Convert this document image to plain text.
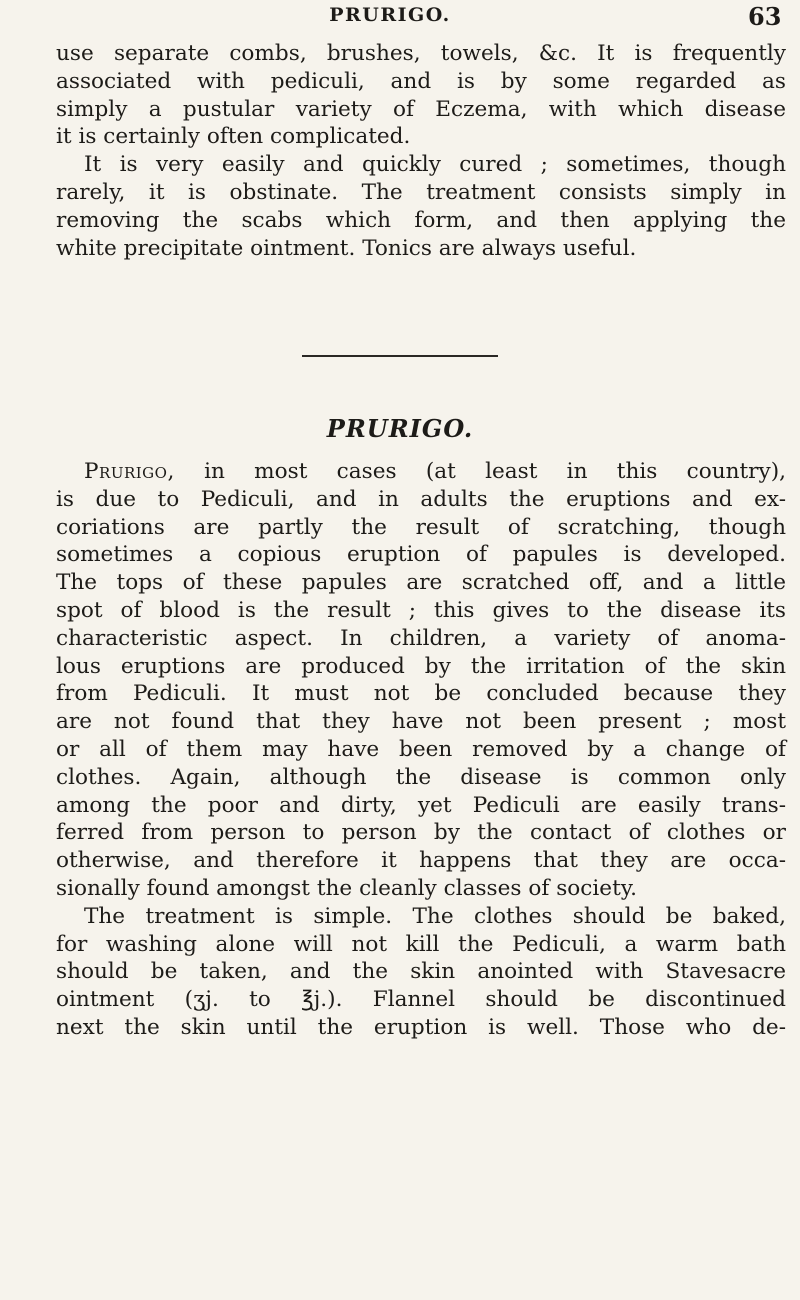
PRURIGO.	63

use separate combs, brushes, towels, &c. It is frequently
associated with pediculi, and is by some regarded as
simply a pustular variety of Eczema, with which disease
it is certainly often complicated.

It is very easily and quickly cured ; sometimes, though
rarely, it is obstinate. The treatment consists simply in
removing the scabs which form, and then applying the
white precipitate ointment. Tonics are always useful.

PRURIGO.

Prurigo, in most cases (at least in this country),
is due to Pediculi, and in adults the eruptions and ex-
coriations are partly the result of scratching, though
sometimes a copious eruption of papules is developed.
The tops of these papules are scratched off, and a little
spot of blood is the result ; this gives to the disease its
characteristic aspect. In children, a variety of anoma-
lous eruptions are produced by the irritation of the skin
from Pediculi. It must not be concluded because they
are not found that they have not been present ; most
or all of them may have been removed by a change of
clothes. Again, although the disease is common only
among the poor and dirty, yet Pediculi are easily trans-
ferred from person to person by the contact of clothes or
otherwise, and therefore it happens that they are occa-
sionally found amongst the cleanly classes of society.

The treatment is simple. The clothes should be baked,
for washing alone will not kill the Pediculi, a warm bath
should be taken, and the skin anointed with Stavesacre
ointment (ʒj. to ℥j.). Flannel should be discontinued
next the skin until the eruption is well. Those who de-
